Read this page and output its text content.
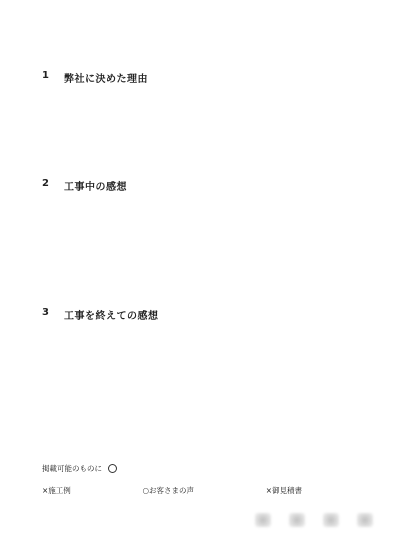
1 弊社に決めた理由
2 工事中の感想
3 工事を終えての感想
掲載可能のものに
×施工例	○お客さまの声	×御見積書
